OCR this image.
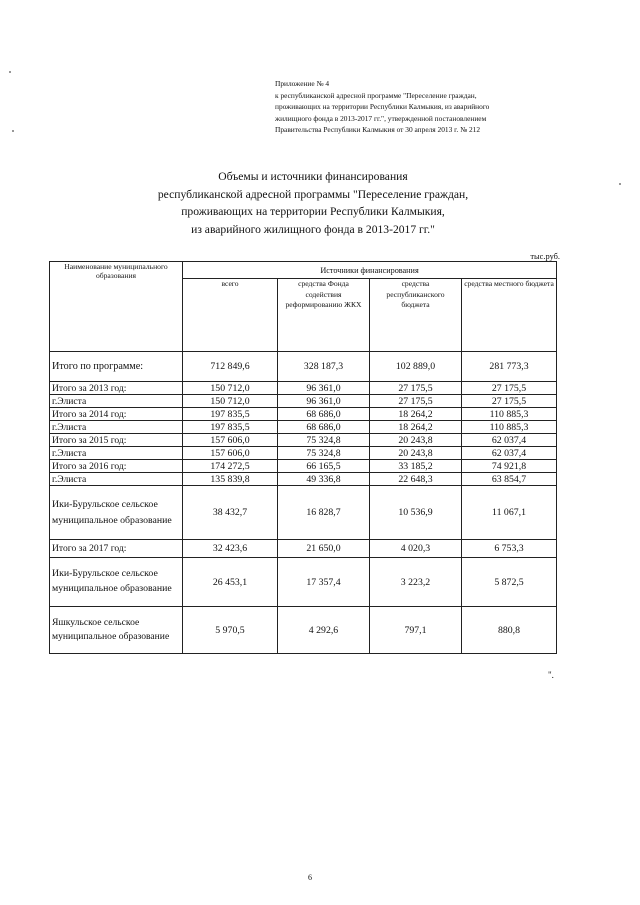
Приложение № 4
к республиканской адресной программе "Переселение граждан,
проживающих на территории Республики Калмыкия, из аварийного
жилищного фонда в 2013-2017 гг.", утвержденной постановлением
Правительства Республики Калмыкия от 30 апреля 2013 г. № 212
Объемы и источники финансирования
республиканской адресной программы "Переселение граждан,
проживающих на территории Республики Калмыкия,
из аварийного жилищного фонда в 2013-2017 гг."
тыс.руб.
Наименование муниципального образования	Источники финансирования			
	всего	средства Фонда содействия реформированию ЖКХ	средства республиканского бюджета	средства местного бюджета
Итого по программе:	712 849,6	328 187,3	102 889,0	281 773,3
Итого за 2013 год:	150 712,0	96 361,0	27 175,5	27 175,5
г.Элиста	150 712,0	96 361,0	27 175,5	27 175,5
Итого за 2014 год:	197 835,5	68 686,0	18 264,2	110 885,3
г.Элиста	197 835,5	68 686,0	18 264,2	110 885,3
Итого за 2015 год:	157 606,0	75 324,8	20 243,8	62 037,4
г.Элиста	157 606,0	75 324,8	20 243,8	62 037,4
Итого за 2016 год:	174 272,5	66 165,5	33 185,2	74 921,8
г.Элиста	135 839,8	49 336,8	22 648,3	63 854,7
Ики-Бурульское сельское муниципальное образование	38 432,7	16 828,7	10 536,9	11 067,1
Итого за 2017 год:	32 423,6	21 650,0	4 020,3	6 753,3
Ики-Бурульское сельское муниципальное образование	26 453,1	17 357,4	3 223,2	5 872,5
Яшкульское сельское муниципальное образование	5 970,5	4 292,6	797,1	880,8
".
6
